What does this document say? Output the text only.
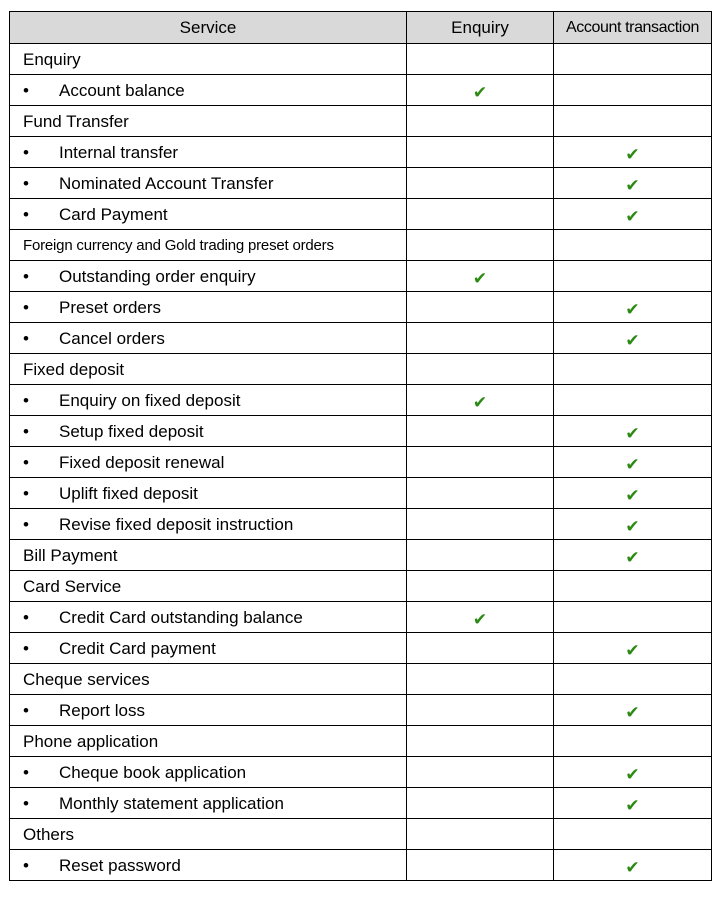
Service	Enquiry	Account transaction
Enquiry		
• Account balance	✔	
Fund Transfer		
• Internal transfer		✔
• Nominated Account Transfer		✔
• Card Payment		✔
Foreign currency and Gold trading preset orders		
• Outstanding order enquiry	✔	
• Preset orders		✔
• Cancel orders		✔
Fixed deposit		
• Enquiry on fixed deposit	✔	
• Setup fixed deposit		✔
• Fixed deposit renewal		✔
• Uplift fixed deposit		✔
• Revise fixed deposit instruction		✔
Bill Payment		✔
Card Service		
• Credit Card outstanding balance	✔	
• Credit Card payment		✔
Cheque services		
• Report loss		✔
Phone application		
• Cheque book application		✔
• Monthly statement application		✔
Others		
• Reset password		✔
